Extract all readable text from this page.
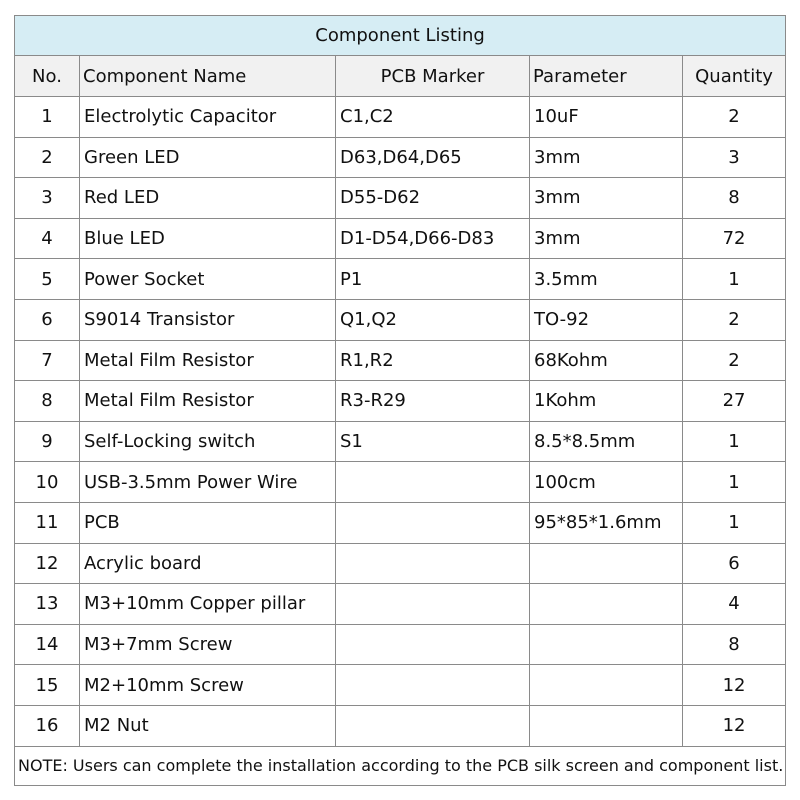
Component Listing				
No.	Component Name	PCB Marker	Parameter	Quantity
1	Electrolytic Capacitor	C1,C2	10uF	2
2	Green LED	D63,D64,D65	3mm	3
3	Red LED	D55-D62	3mm	8
4	Blue LED	D1-D54,D66-D83	3mm	72
5	Power Socket	P1	3.5mm	1
6	S9014 Transistor	Q1,Q2	TO-92	2
7	Metal Film Resistor	R1,R2	68Kohm	2
8	Metal Film Resistor	R3-R29	1Kohm	27
9	Self-Locking switch	S1	8.5*8.5mm	1
10	USB-3.5mm Power Wire		100cm	1
11	PCB		95*85*1.6mm	1
12	Acrylic board			6
13	M3+10mm Copper pillar			4
14	M3+7mm Screw			8
15	M2+10mm Screw			12
16	M2 Nut			12
NOTE: Users can complete the installation according to the PCB silk screen and component list.				
